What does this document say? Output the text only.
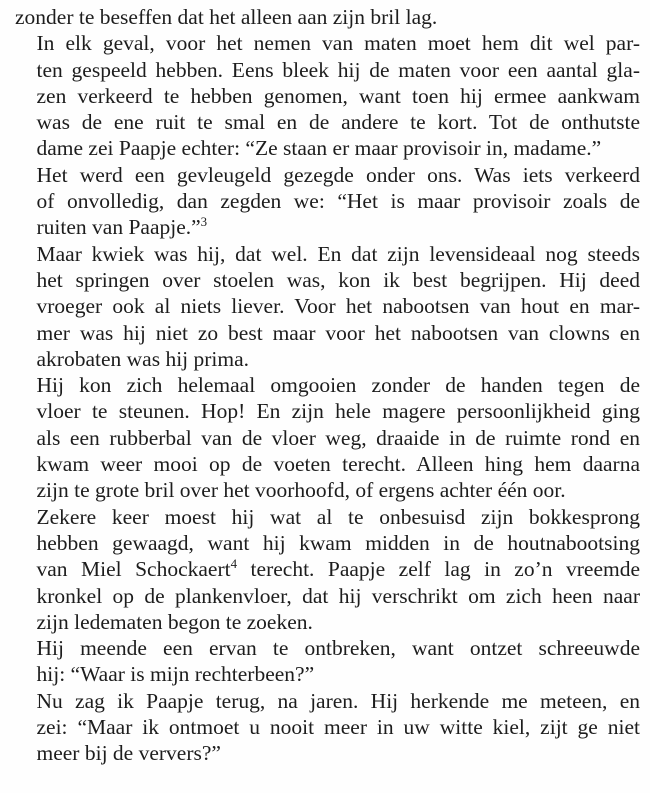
zonder te beseffen dat het alleen aan zijn bril lag.

In elk geval, voor het nemen van maten moet hem dit wel par-
ten gespeeld hebben. Eens bleek hij de maten voor een aantal gla-
zen verkeerd te hebben genomen, want toen hij ermee aankwam
was de ene ruit te smal en de andere te kort. Tot de onthutste
dame zei Paapje echter: “Ze staan er maar provisoir in, madame.”

Het werd een gevleugeld gezegde onder ons. Was iets verkeerd
of onvolledig, dan zegden we: “Het is maar provisoir zoals de
ruiten van Paapje.”$^3$

Maar kwiek was hij, dat wel. En dat zijn levensideaal nog steeds
het springen over stoelen was, kon ik best begrijpen. Hij deed
vroeger ook al niets liever. Voor het nabootsen van hout en mar-
mer was hij niet zo best maar voor het nabootsen van clowns en
akrobaten was hij prima.

Hij kon zich helemaal omgooien zonder de handen tegen de
vloer te steunen. Hop! En zijn hele magere persoonlijkheid ging
als een rubberbal van de vloer weg, draaide in de ruimte rond en
kwam weer mooi op de voeten terecht. Alleen hing hem daarna
zijn te grote bril over het voorhoofd, of ergens achter één oor.

Zekere keer moest hij wat al te onbesuisd zijn bokkesprong
hebben gewaagd, want hij kwam midden in de houtnabootsing
van Miel Schockaert$^4$ terecht. Paapje zelf lag in zo’n vreemde
kronkel op de plankenvloer, dat hij verschrikt om zich heen naar
zijn ledematen begon te zoeken.

Hij meende een ervan te ontbreken, want ontzet schreeuwde
hij: “Waar is mijn rechterbeen?”

Nu zag ik Paapje terug, na jaren. Hij herkende me meteen, en
zei: “Maar ik ontmoet u nooit meer in uw witte kiel, zijt ge niet
meer bij de ververs?”
